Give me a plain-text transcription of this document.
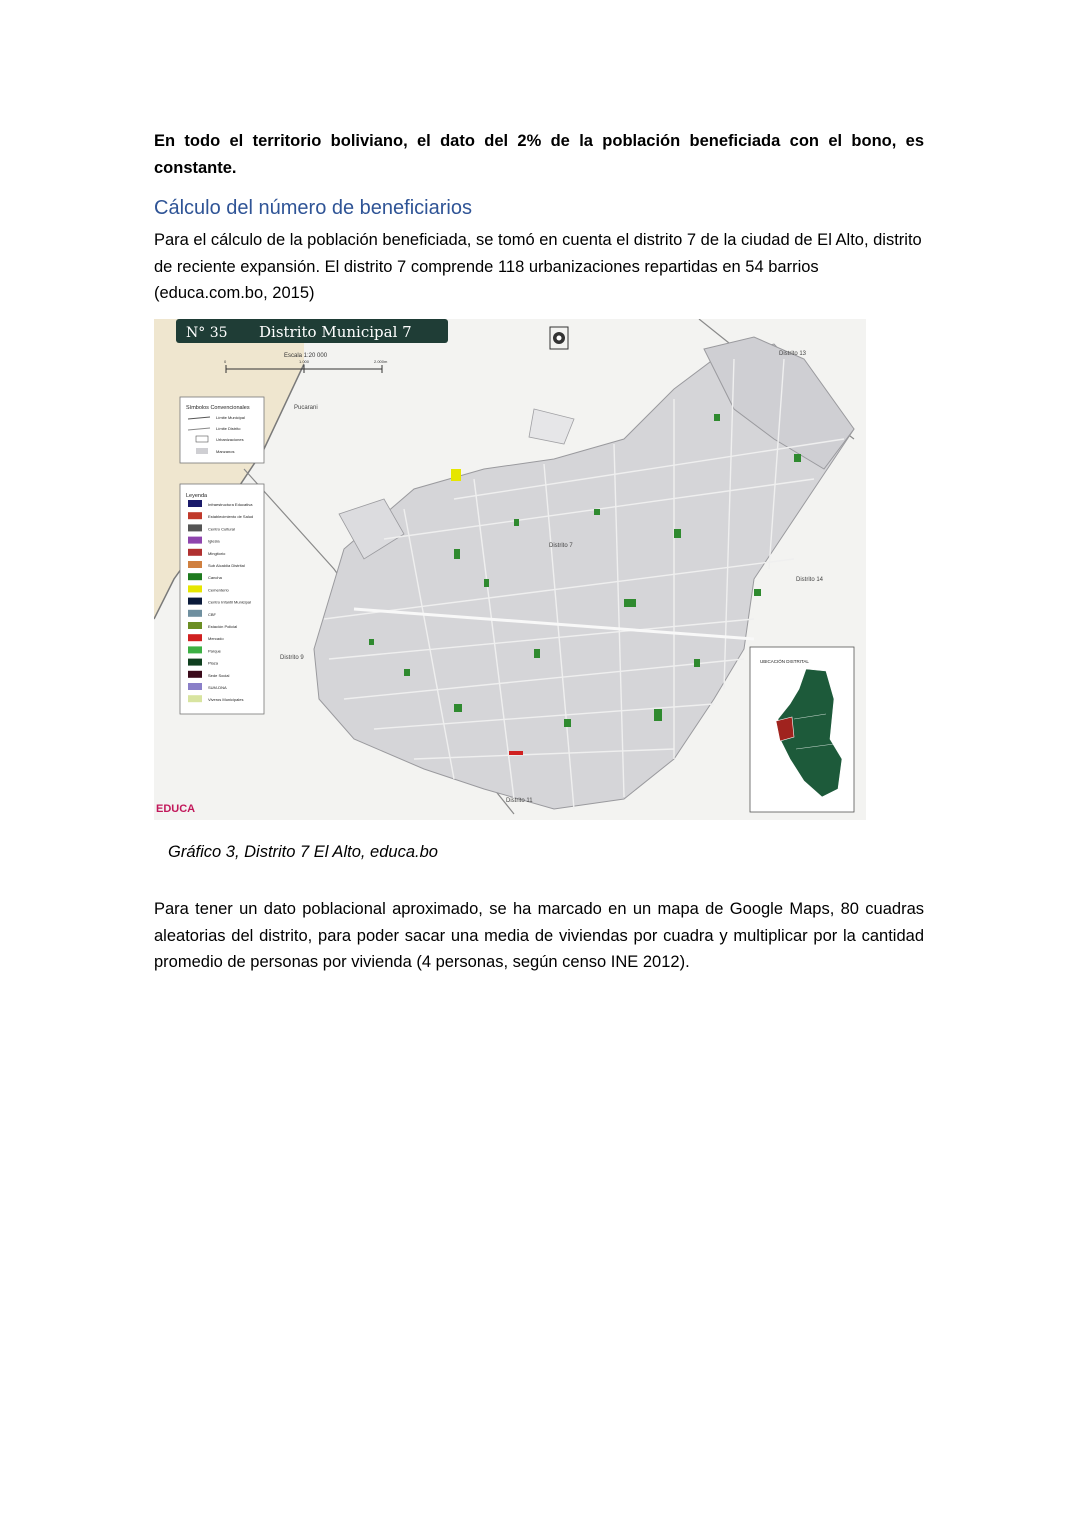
En todo el territorio boliviano, el dato del 2% de la población beneficiada con el bono, es constante.
Cálculo del número de beneficiarios
Para el cálculo de la población beneficiada, se tomó en cuenta el distrito 7 de la ciudad de El Alto, distrito de reciente expansión. El distrito 7 comprende 118 urbanizaciones repartidas en 54 barrios (educa.com.bo, 2015)
N° 35 Distrito Municipal 7
Escala 1:20 000
0	1.000	2.000m
Símbolos Convencionales
Límite Municipal
Límite Distrito
Urbanizaciones
Manzanos
Leyenda
Infraestructura Educativa
Establecimiento de Salud
Centro Cultural
Iglesia
Mingitorio
Sub Alcaldía Distrital
Cancha
Cementerio
Centro Infantil Municipal
CBF
Estación Policial
Mercado
Parque
Plaza
Sede Social
SUM-DNA
Viveros Municipales
Pucarani
Distrito 13
Distrito 7
Distrito 14
Distrito 9
Distrito 11
UBICACIÓN DISTRITAL
EDUCA
Gráfico 3, Distrito 7 El Alto, educa.bo
Para tener un dato poblacional aproximado, se ha marcado en un mapa de Google Maps, 80 cuadras aleatorias del distrito, para poder sacar una media de viviendas por cuadra y multiplicar por la cantidad promedio de personas por vivienda (4 personas, según censo INE 2012).
